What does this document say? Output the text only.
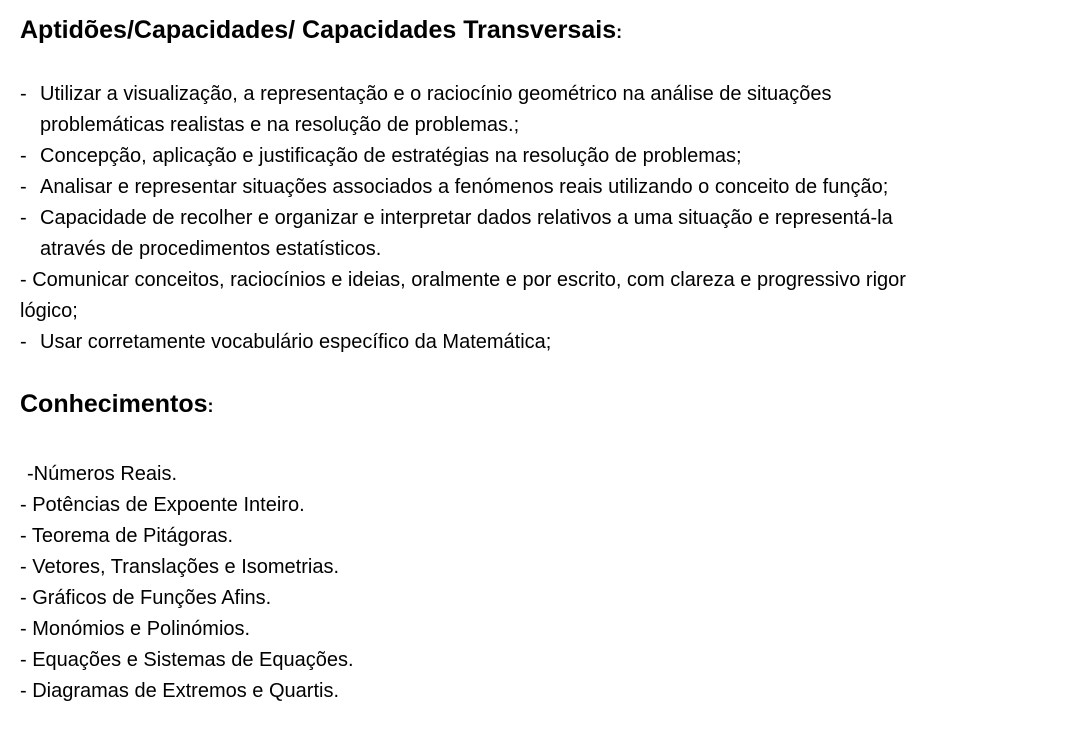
Aptidões/Capacidades/ Capacidades Transversais:
- Utilizar a visualização, a representação e o raciocínio geométrico na análise de situações
problemáticas realistas e na resolução de problemas.;
- Concepção, aplicação e justificação de estratégias na resolução de problemas;
- Analisar e representar situações associados a fenómenos reais utilizando o conceito de função;
- Capacidade de recolher e organizar e interpretar dados relativos a uma situação e representá-la
através de procedimentos estatísticos.
- Comunicar conceitos, raciocínios e ideias, oralmente e por escrito, com clareza e progressivo rigor
lógico;
- Usar corretamente vocabulário específico da Matemática;
Conhecimentos:
-Números Reais.
- Potências de Expoente Inteiro.
- Teorema de Pitágoras.
- Vetores, Translações e Isometrias.
- Gráficos de Funções Afins.
- Monómios e Polinómios.
- Equações e Sistemas de Equações.
- Diagramas de Extremos e Quartis.
